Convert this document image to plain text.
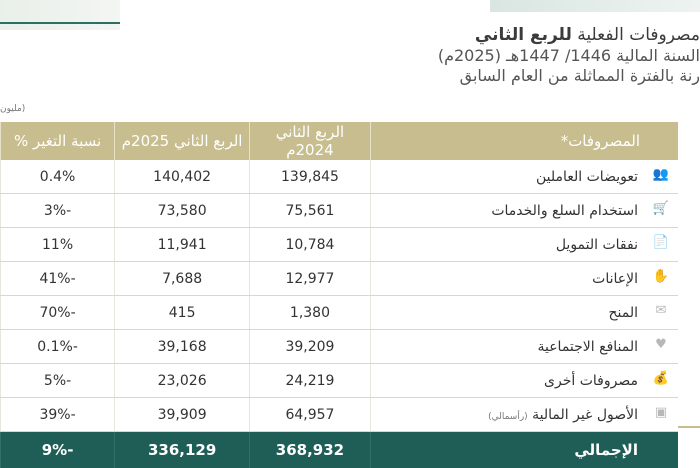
مصروفات الفعلية للربع الثاني
السنة المالية 1446/ 1447هـ (2025م)
رنة بالفترة المماثلة من العام السابق
(مليون
المصروفات*	الربع الثاني 2024م	الربع الثاني 2025م	نسبة التغير %

👥
تعويضات العاملين	139,845	140,402	0.4%

🛒
استخدام السلع والخدمات	75,561	73,580	-3%

📄
نفقات التمويل	10,784	11,941	11%

✋
الإعانات	12,977	7,688	-41%

✉
المنح	1,380	415	-70%

♥
المنافع الاجتماعية	39,209	39,168	-0.1%

💰
مصروفات أخرى	24,219	23,026	-5%

▣
الأصول غير المالية (رأسمالي)	64,957	39,909	-39%
الإجمالي	368,932	336,129	-9%
